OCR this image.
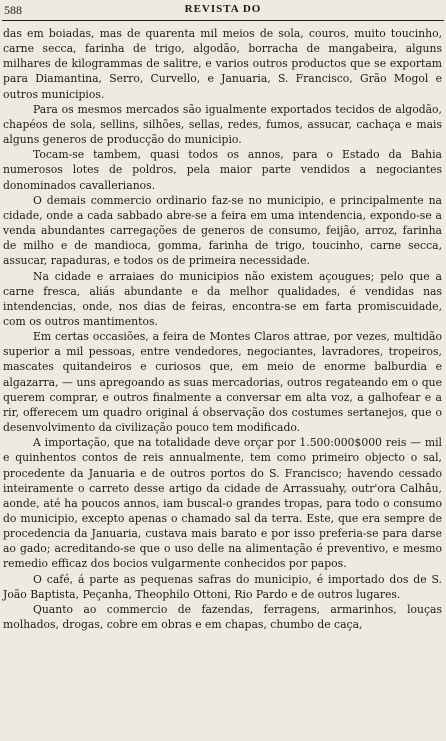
588	REVISTA DO

das em boiadas, mas de quarenta mil meios de sola, couros, muito toucinho, carne secca, farinha de trigo, algodão, borracha de mangabeira, alguns milhares de kilogrammas de salitre, e varios outros productos que se exportam para Diamantina, Serro, Curvello, e Januaria, S. Francisco, Grão Mogol e outros municipios.

Para os mesmos mercados são igualmente exportados tecidos de algodão, chapéos de sola, sellins, silhões, sellas, redes, fumos, assucar, cachaça e mais alguns generos de producção do municipio.

Tocam-se tambem, quasi todos os annos, para o Estado da Bahia numerosos lotes de poldros, pela maior parte vendidos a negociantes donominados cavallerianos.

O demais commercio ordinario faz-se no municipio, e principalmente na cidade, onde a cada sabbado abre-se a feira em uma intendencia, expondo-se a venda abundantes carregações de generos de consumo, feijão, arroz, farinha de milho e de mandioca, gomma, farinha de trigo, toucinho, carne secca, assucar, rapaduras, e todos os de primeira necessidade.

Na cidade e arraiaes do municipios não existem açougues; pelo que a carne fresca, aliás abundante e da melhor qualidades, é vendidas nas intendencias, onde, nos dias de feiras, encontra-se em farta promiscuidade, com os outros mantimentos.

Em certas occasiões, a feira de Montes Claros attrae, por vezes, multidão superior a mil pessoas, entre vendedores, negociantes, lavradores, tropeiros, mascates quitandeiros e curiosos que, em meio de enorme balburdia e algazarra, — uns apregoando as suas mercadorias, outros regateando em o que querem comprar, e outros finalmente a conversar em alta voz, a galhofear e a rir, offerecem um quadro original á observação dos costumes sertanejos, que o desenvolvimento da civilização pouco tem modificado.

A importação, que na totalidade deve orçar por 1.500:000$000 reis — mil e quinhentos contos de reis annualmente, tem como primeiro objecto o sal, procedente da Januaria e de outros portos do S. Francisco; havendo cessado inteiramente o carreto desse artigo da cidade de Arrassuahy, outr'ora Calhâu, aonde, até ha poucos annos, iam buscal-o grandes tropas, para todo o consumo do municipio, excepto apenas o chamado sal da terra. Este, que era sempre de procedencia da Januaria, custava mais barato e por isso preferia-se para darse ao gado; acreditando-se que o uso delle na alimentação é preventivo, e mesmo remedio efficaz dos bocios vulgarmente conhecidos por papos.

O café, á parte as pequenas safras do municipio, é importado dos de S. João Baptista, Peçanha, Theophilo Ottoni, Rio Pardo e de outros lugares.

Quanto ao commercio de fazendas, ferragens, armarinhos, louças molhados, drogas, cobre em obras e em chapas, chumbo de caça,
